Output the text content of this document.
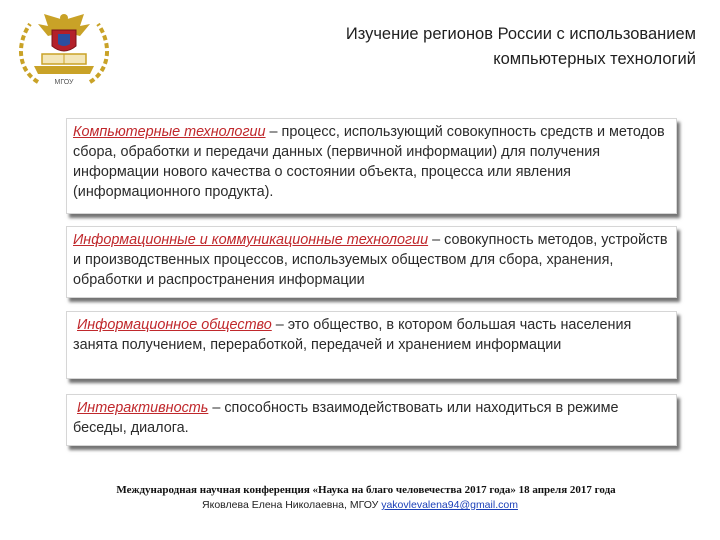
МГОУ
Изучение регионов России с использованием
компьютерных технологий
Компьютерные технологии – процесс, использующий совокупность средств и методов сбора, обработки и передачи данных (первичной информации) для получения информации нового качества о состоянии объекта, процесса или явления (информационного продукта).
Информационные и коммуникационные технологии – совокупность методов, устройств и производственных процессов, используемых обществом для сбора, хранения, обработки и распространения информации
Информационное общество – это общество, в котором большая часть населения занята получением, переработкой, передачей и хранением информации
Интерактивность – способность взаимодействовать или находиться в режиме беседы, диалога.
Международная научная конференция «Наука на благо человечества 2017 года» 18 апреля 2017 года
Яковлева Елена Николаевна, МГОУ yakovlevalena94@gmail.com
